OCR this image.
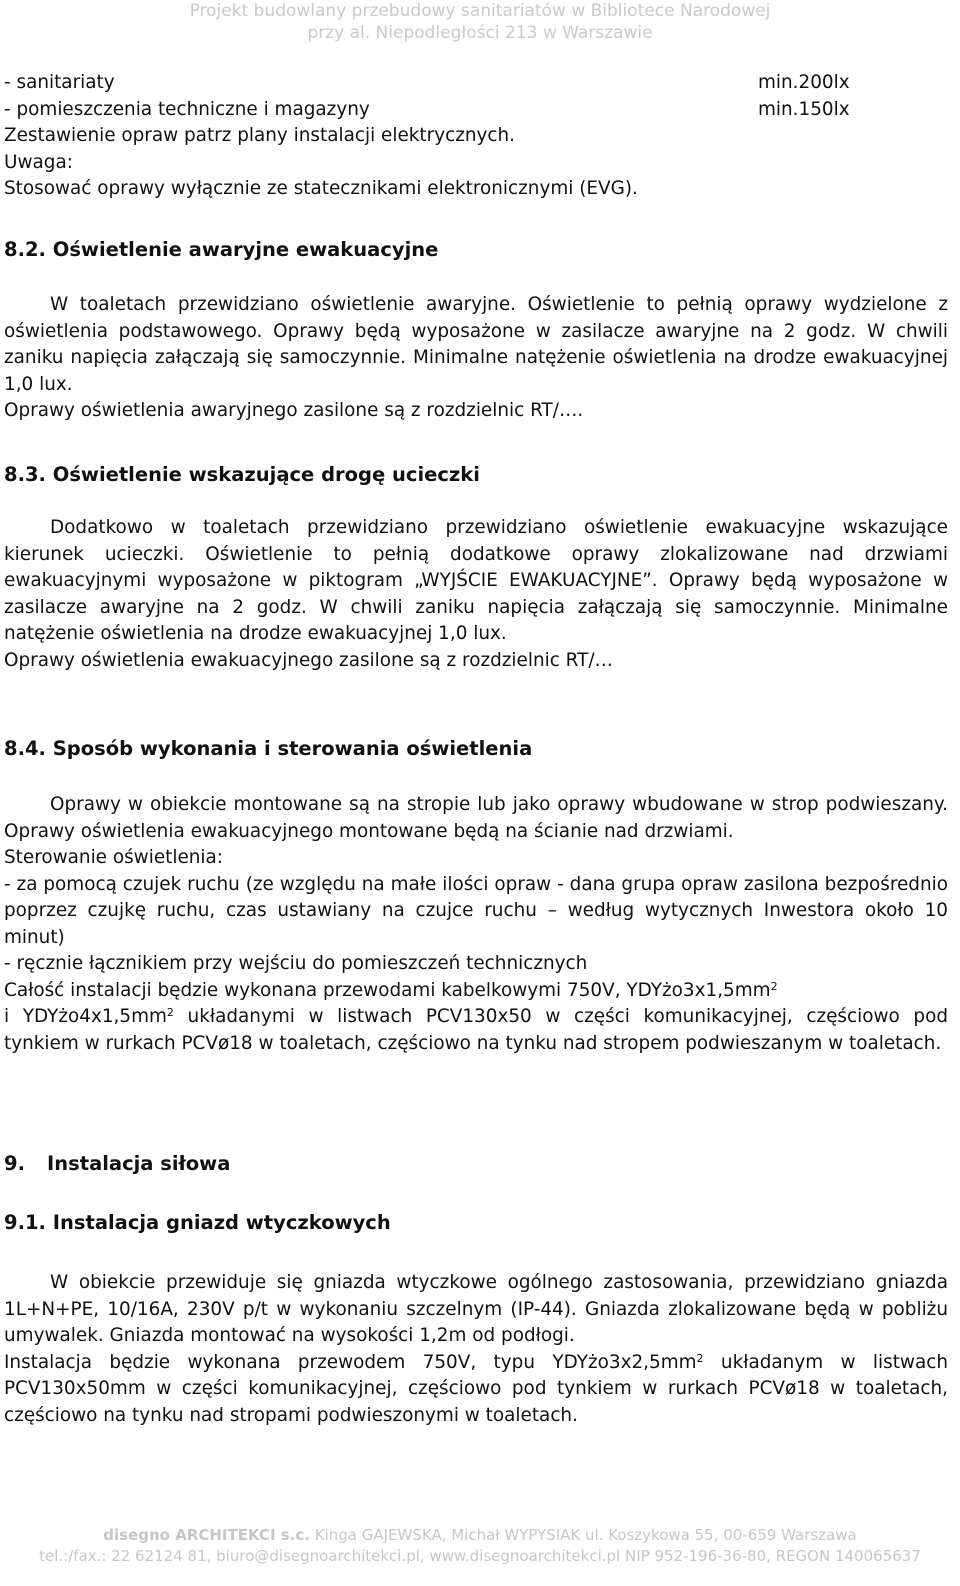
Projekt budowlany przebudowy sanitariatów w Bibliotece Narodowej
przy al. Niepodległości 213 w Warszawie
- sanitariaty	min.200lx
- pomieszczenia techniczne i magazyny	min.150lx

Zestawienie opraw patrz plany instalacji elektrycznych.

Uwaga:

Stosować oprawy wyłącznie ze statecznikami elektronicznymi (EVG).

8.2. Oświetlenie awaryjne ewakuacyjne

W toaletach przewidziano oświetlenie awaryjne. Oświetlenie to pełnią oprawy wydzielone z oświetlenia podstawowego. Oprawy będą wyposażone w zasilacze awaryjne na 2 godz. W chwili zaniku napięcia załączają się samoczynnie. Minimalne natężenie oświetlenia na drodze ewakuacyjnej 1,0 lux.

Oprawy oświetlenia awaryjnego zasilone są z rozdzielnic RT/….

8.3. Oświetlenie wskazujące drogę ucieczki

Dodatkowo w toaletach przewidziano przewidziano oświetlenie ewakuacyjne wskazujące kierunek ucieczki. Oświetlenie to pełnią dodatkowe oprawy zlokalizowane nad drzwiami ewakuacyjnymi wyposażone w piktogram „WYJŚCIE EWAKUACYJNE”. Oprawy będą wyposażone w zasilacze awaryjne na 2 godz. W chwili zaniku napięcia załączają się samoczynnie. Minimalne natężenie oświetlenia na drodze ewakuacyjnej 1,0 lux.

Oprawy oświetlenia ewakuacyjnego zasilone są z rozdzielnic RT/…

8.4. Sposób wykonania i sterowania oświetlenia

Oprawy w obiekcie montowane są na stropie lub jako oprawy wbudowane w strop podwieszany. Oprawy oświetlenia ewakuacyjnego montowane będą na ścianie nad drzwiami.

Sterowanie oświetlenia:

- za pomocą czujek ruchu (ze względu na małe ilości opraw - dana grupa opraw zasilona bezpośrednio poprzez czujkę ruchu, czas ustawiany na czujce ruchu – według wytycznych Inwestora około 10 minut)

- ręcznie łącznikiem przy wejściu do pomieszczeń technicznych

Całość instalacji będzie wykonana przewodami kabelkowymi 750V, $YDYżo3x1,5mm^2$
i $YDYżo4x1,5mm^2$ układanymi w listwach PCV130x50 w części komunikacyjnej, częściowo pod tynkiem w rurkach PCVø18 w toaletach, częściowo na tynku nad stropem podwieszanym w toaletach.

9. Instalacja siłowa
9.1. Instalacja gniazd wtyczkowych

W obiekcie przewiduje się gniazda wtyczkowe ogólnego zastosowania, przewidziano gniazda 1L+N+PE, 10/16A, 230V p/t w wykonaniu szczelnym (IP-44). Gniazda zlokalizowane będą w pobliżu umywalek. Gniazda montować na wysokości 1,2m od podłogi.

Instalacja będzie wykonana przewodem 750V, typu $YDYżo3x2,5mm^2$ układanym w listwach PCV130x50mm w części komunikacyjnej, częściowo pod tynkiem w rurkach PCVø18 w toaletach, częściowo na tynku nad stropami podwieszonymi w toaletach.

disegno ARCHITEKCI s.c. Kinga GAJEWSKA, Michał WYPYSIAK ul. Koszykowa 55, 00-659 Warszawa
tel.:/fax.: 22 62124 81, biuro@disegnoarchitekci.pl, www.disegnoarchitekci.pl NIP 952-196-36-80, REGON 140065637
